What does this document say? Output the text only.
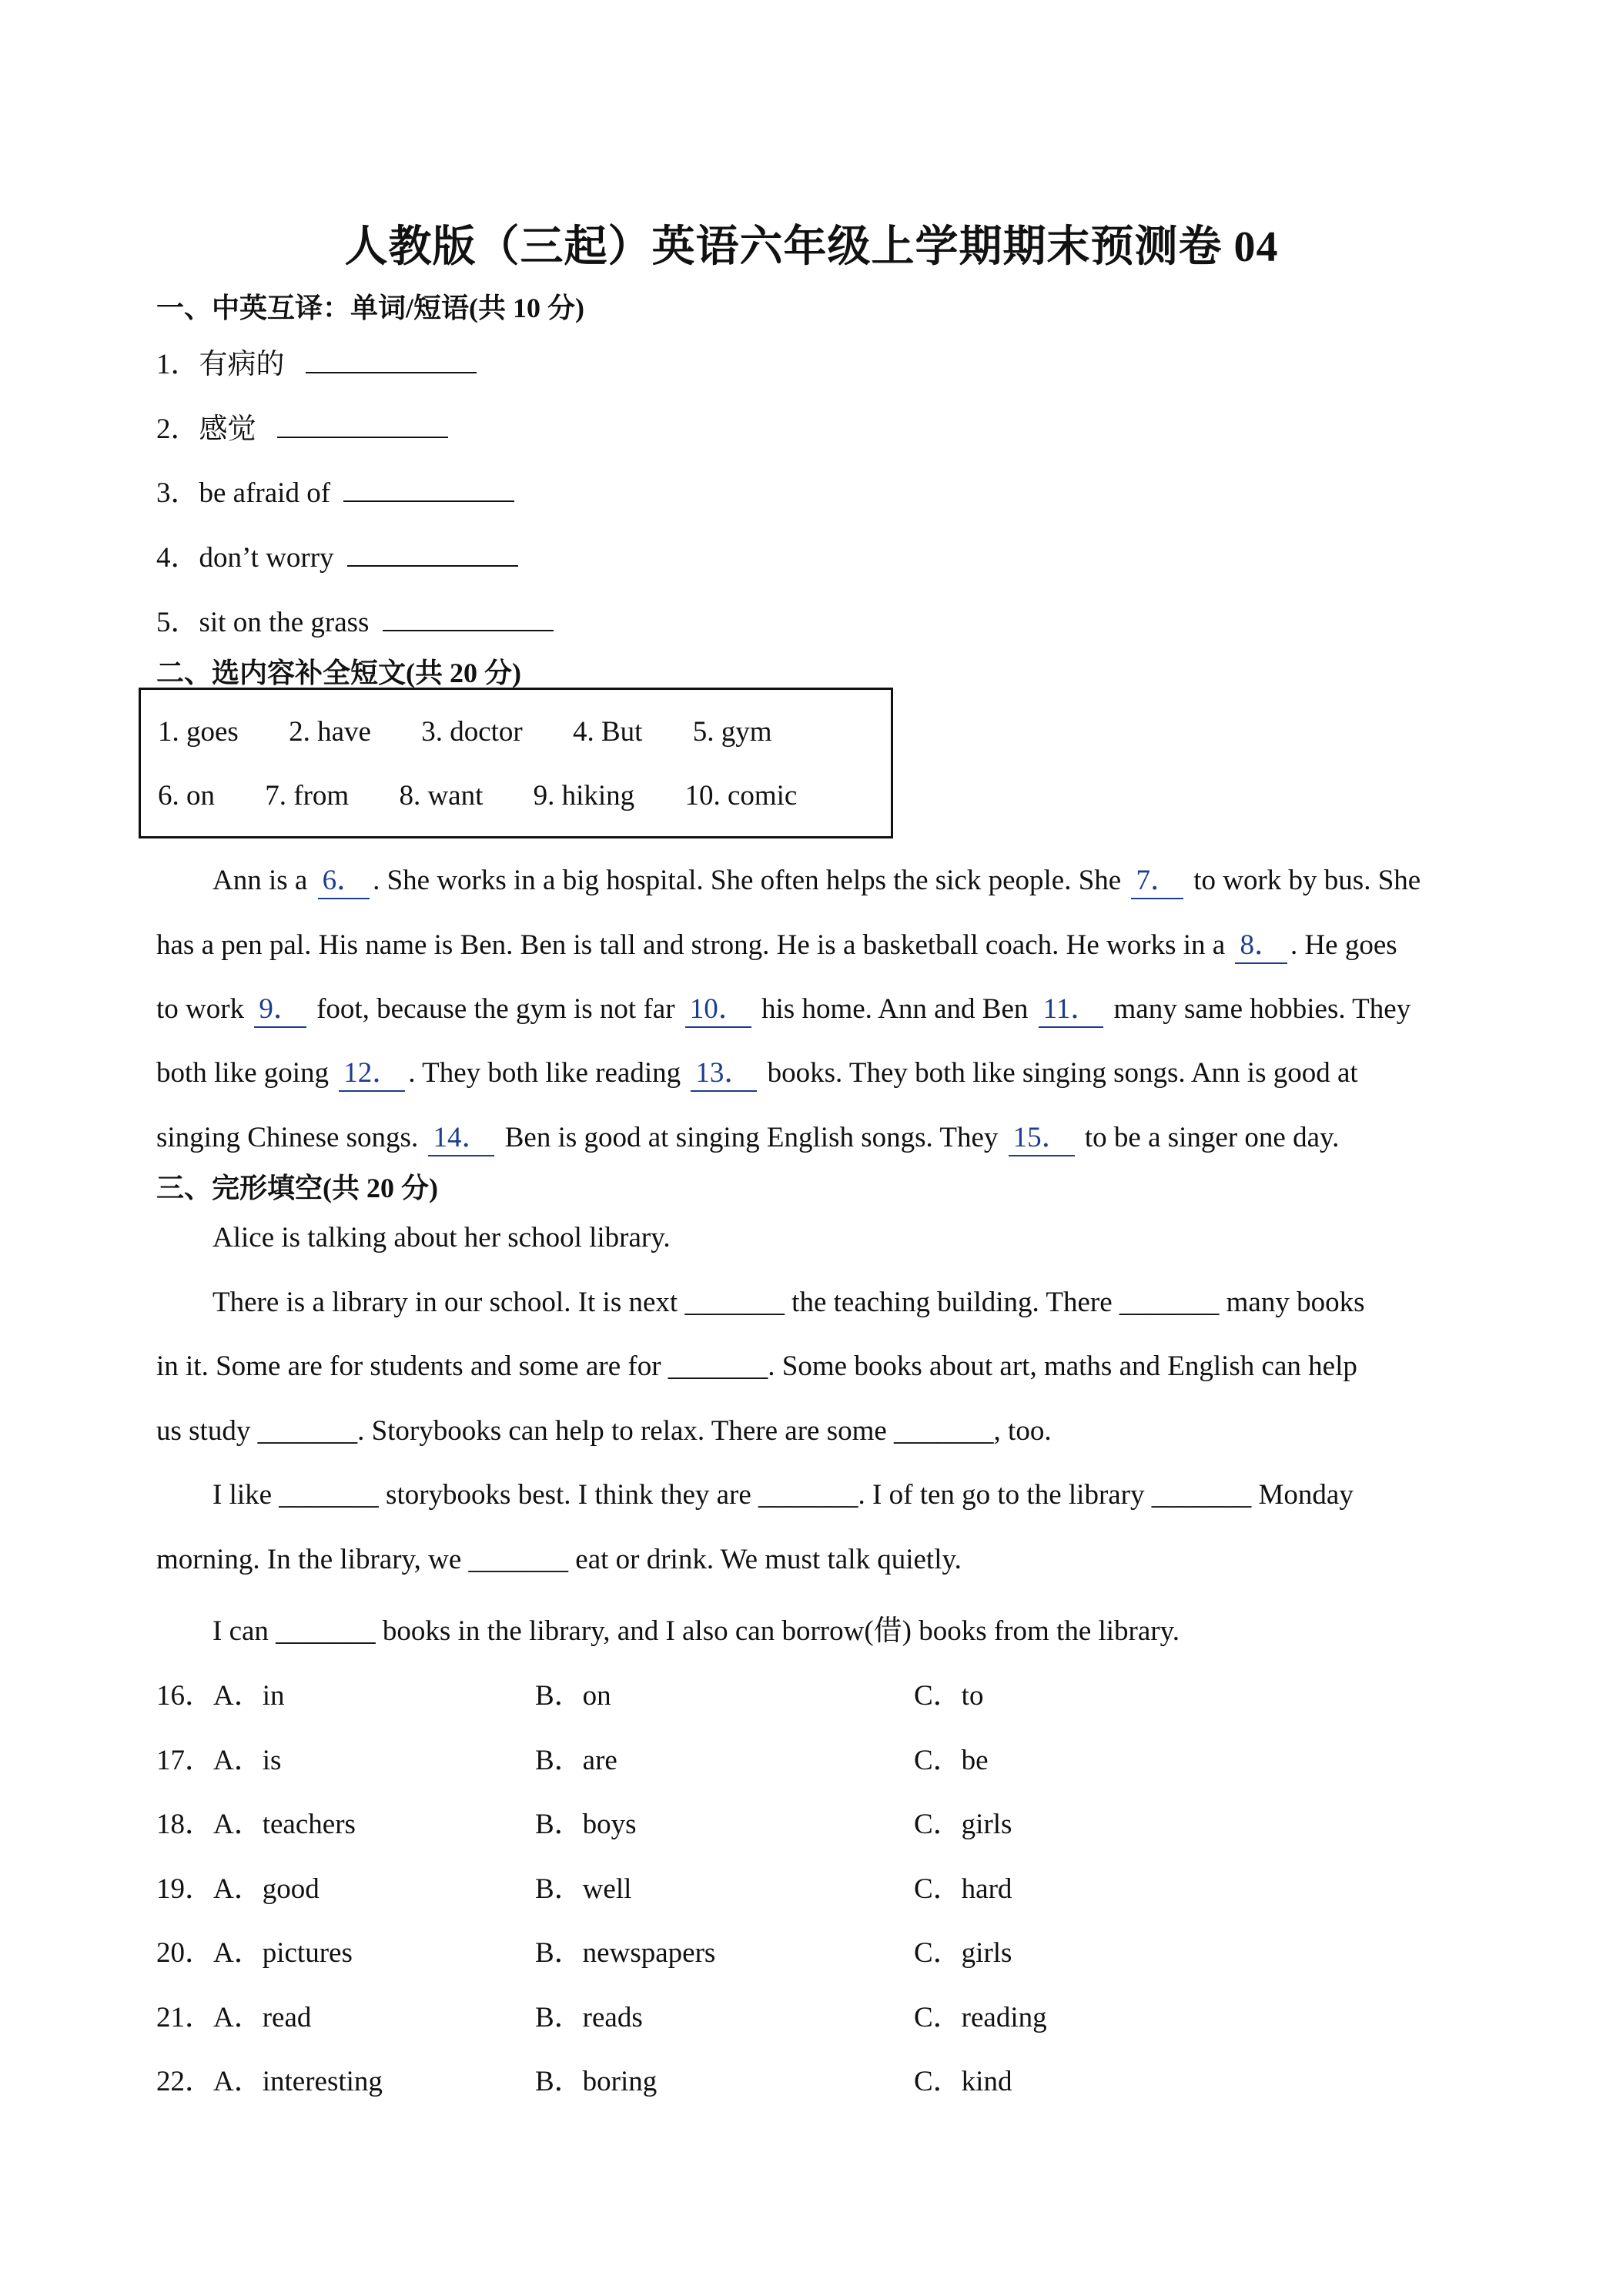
人教版（三起）英语六年级上学期期末预测卷 04
一、中英互译：单词/短语(共 10 分)
1．有病的
2．感觉
3．be afraid of
4．don’t worry
5．sit on the grass
二、选内容补全短文(共 20 分)
1. goes 2. have 3. doctor 4. But 5. gym
6. on 7. from 8. want 9. hiking 10. comic
Ann is a 6． . She works in a big hospital. She often helps the sick people. She 7． to work by bus. She
has a pen pal. His name is Ben. Ben is tall and strong. He is a basketball coach. He works in a 8． . He goes
to work 9． foot, because the gym is not far 10． his home. Ann and Ben 11． many same hobbies. They
both like going 12． . They both like reading 13． books. They both like singing songs. Ann is good at
singing Chinese songs. 14． Ben is good at singing English songs. They 15． to be a singer one day.
三、完形填空(共 20 分)
Alice is talking about her school library.
There is a library in our school. It is next _______ the teaching building. There _______ many books
in it. Some are for students and some are for _______. Some books about art, maths and English can help
us study _______. Storybooks can help to relax. There are some _______, too.
I like _______ storybooks best. I think they are _______. I of ten go to the library _______ Monday
morning. In the library, we _______ eat or drink. We must talk quietly.
I can _______ books in the library, and I also can borrow(借) books from the library.
16．A．in	B．on	C．to
17．A．is	B．are	C．be
18．A．teachers	B．boys	C．girls
19．A．good	B．well	C．hard
20．A．pictures	B．newspapers	C．girls
21．A．read	B．reads	C．reading
22．A．interesting	B．boring	C．kind
